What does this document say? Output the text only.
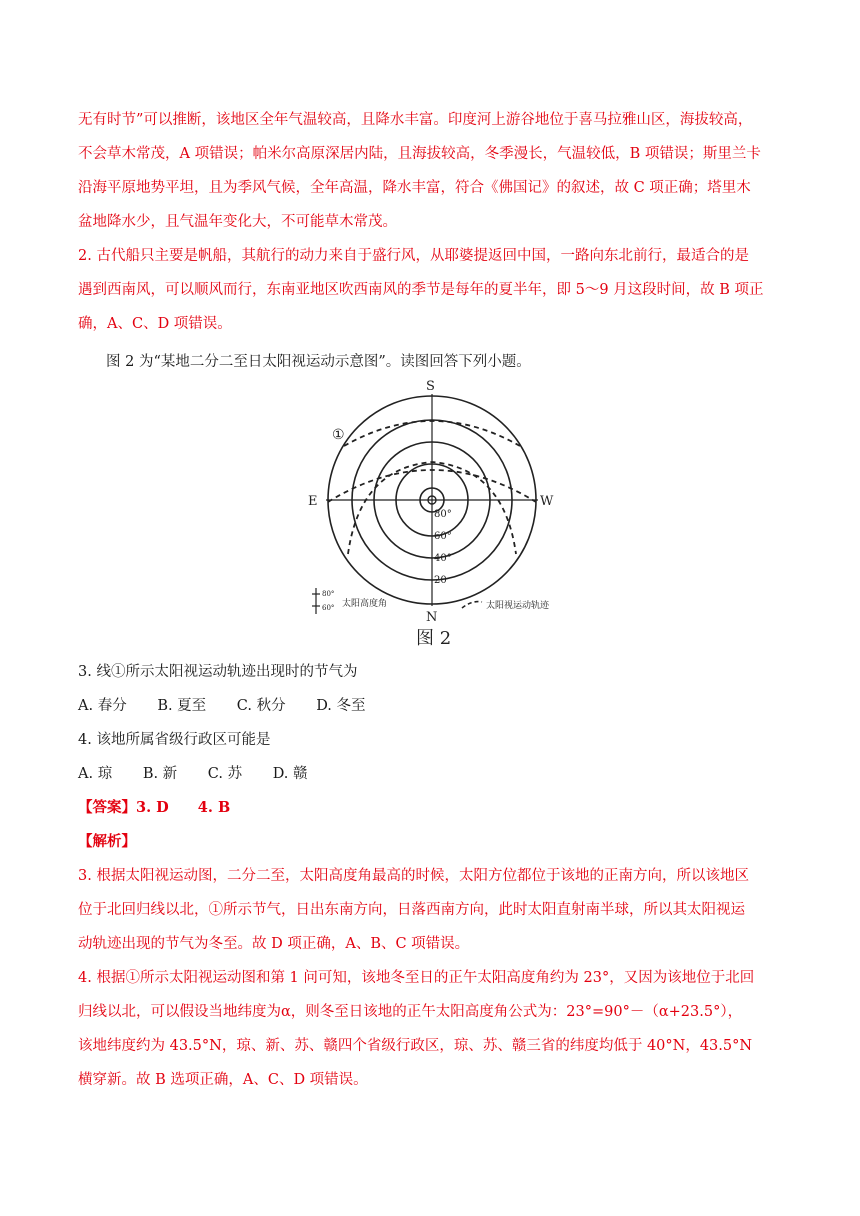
无有时节”可以推断，该地区全年气温较高，且降水丰富。印度河上游谷地位于喜马拉雅山区，海拔较高，
不会草木常茂，A 项错误；帕米尔高原深居内陆，且海拔较高，冬季漫长，气温较低，B 项错误；斯里兰卡
沿海平原地势平坦，且为季风气候，全年高温，降水丰富，符合《佛国记》的叙述，故 C 项正确；塔里木
盆地降水少，且气温年变化大，不可能草木常茂。
2. 古代船只主要是帆船，其航行的动力来自于盛行风，从耶婆提返回中国，一路向东北前行，最适合的是
遇到西南风，可以顺风而行，东南亚地区吹西南风的季节是每年的夏半年，即 5～9 月这段时间，故 B 项正
确，A、C、D 项错误。
图 2 为“某地二分二至日太阳视运动示意图”。读图回答下列小题。
S
N
E	W
①
80°
60°
40°
20
80°
60° 太阳高度角	太阳视运动轨迹
图 2
3. 线①所示太阳视运动轨迹出现时的节气为
A. 春分 B. 夏至 C. 秋分 D. 冬至
4. 该地所属省级行政区可能是
A. 琼 B. 新 C. 苏 D. 赣
【答案】3. D　　4. B
【解析】
3. 根据太阳视运动图，二分二至，太阳高度角最高的时候，太阳方位都位于该地的正南方向，所以该地区
位于北回归线以北，①所示节气，日出东南方向，日落西南方向，此时太阳直射南半球，所以其太阳视运
动轨迹出现的节气为冬至。故 D 项正确，A、B、C 项错误。
4. 根据①所示太阳视运动图和第 1 问可知，该地冬至日的正午太阳高度角约为 23°，又因为该地位于北回
归线以北，可以假设当地纬度为α，则冬至日该地的正午太阳高度角公式为：23°=90°－（α+23.5°），
该地纬度约为 43.5°N，琼、新、苏、赣四个省级行政区，琼、苏、赣三省的纬度均低于 40°N，43.5°N
横穿新。故 B 选项正确，A、C、D 项错误。
